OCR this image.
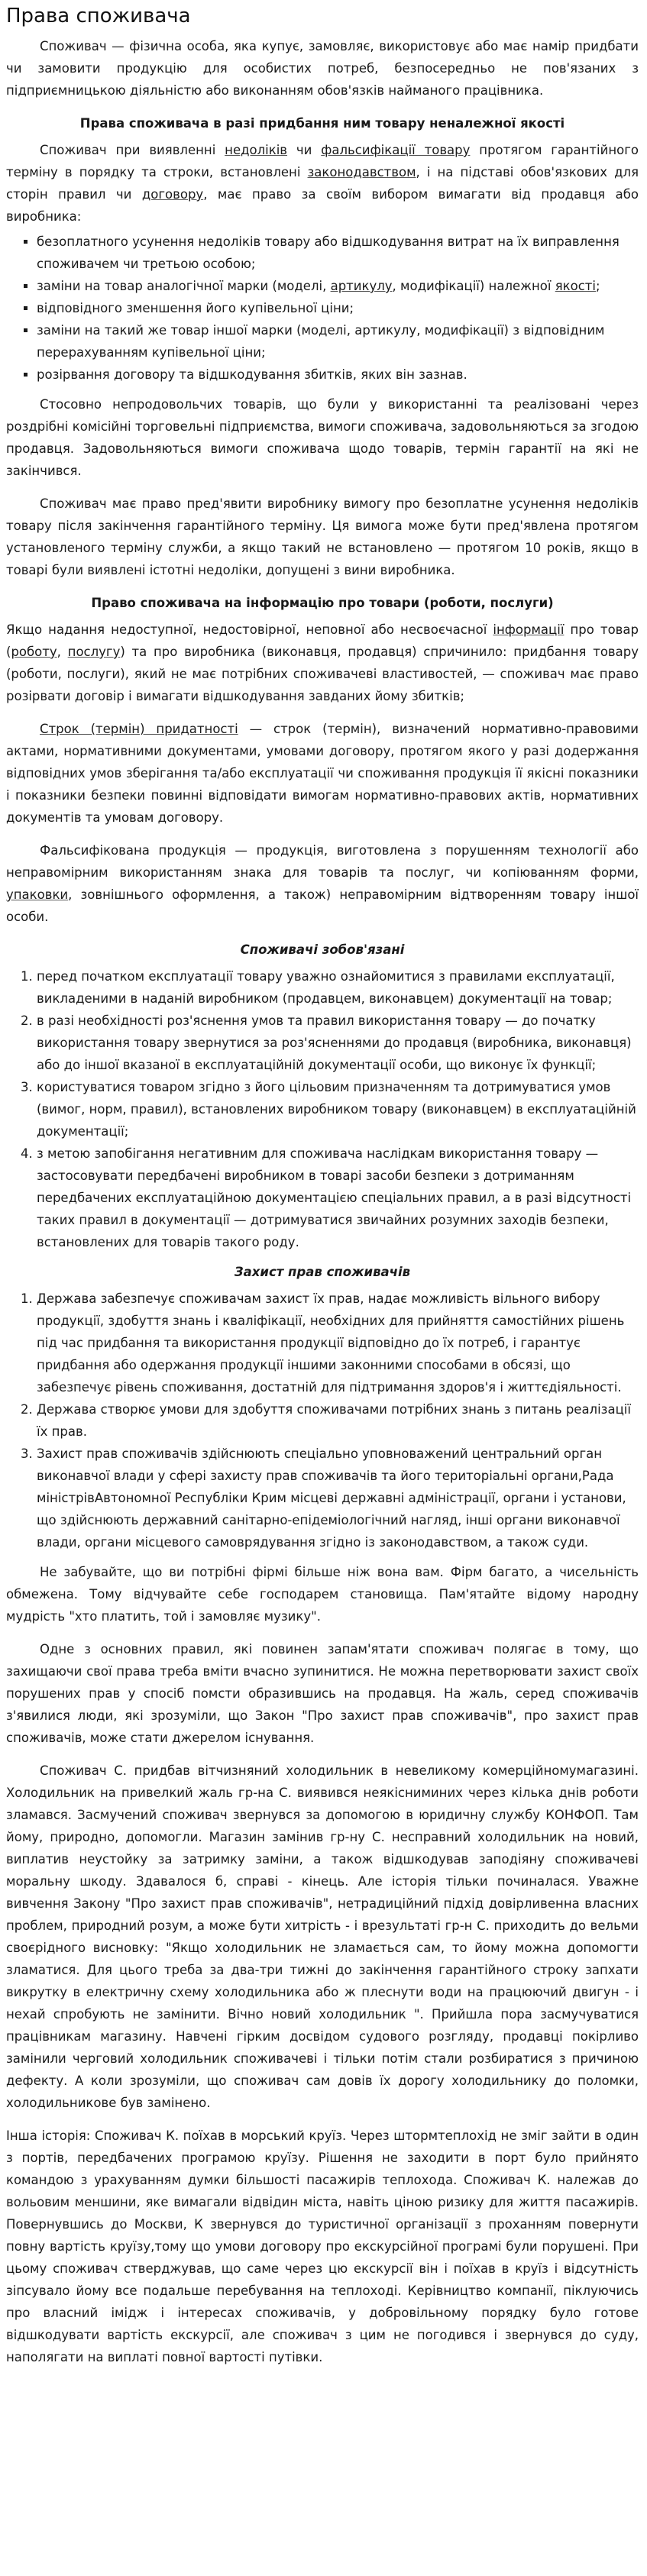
Права споживача

Споживач — фізична особа, яка купує, замовляє, використовує або має намір придбати чи замовити продукцію для особистих потреб, безпосередньо не пов'язаних з підприємницькою діяльністю або виконанням обов'язків найманого працівника.

Права споживача в разі придбання ним товару неналежної якості

Споживач при виявленні недоліків чи фальсифікації товару протягом гарантійного терміну в порядку та строки, встановлені законодавством, і на підставі обов'язкових для сторін правил чи договору, має право за своїм вибором вимагати від продавця або виробника:

▪ безоплатного усунення недоліків товару або відшкодування витрат на їх виправлення споживачем чи третьою особою;
▪ заміни на товар аналогічної марки (моделі, артикулу, модифікації) належної якості;
▪ відповідного зменшення його купівельної ціни;
▪ заміни на такий же товар іншої марки (моделі, артикулу, модифікації) з відповідним перерахуванням купівельної ціни;
▪ розірвання договору та відшкодування збитків, яких він зазнав.

Стосовно непродовольчих товарів, що були у використанні та реалізовані через роздрібні комісійні торговельні підприємства, вимоги споживача, задовольняються за згодою продавця. Задовольняються вимоги споживача щодо товарів, термін гарантії на які не закінчився.

Споживач має право пред'явити виробнику вимогу про безоплатне усунення недоліків товару після закінчення гарантійного терміну. Ця вимога може бути пред'явлена протягом установленого терміну служби, а якщо такий не встановлено — протягом 10 років, якщо в товарі були виявлені істотні недоліки, допущені з вини виробника.

Право споживача на інформацію про товари (роботи, послуги)

Якщо надання недоступної, недостовірної, неповної або несвоєчасної інформації про товар (роботу, послугу) та про виробника (виконавця, продавця) спричинило: придбання товару (роботи, послуги), який не має потрібних споживачеві властивостей, — споживач має право розірвати договір і вимагати відшкодування завданих йому збитків;

Строк (термін) придатності — строк (термін), визначений нормативно-правовими актами, нормативними документами, умовами договору, протягом якого у разі додержання відповідних умов зберігання та/або експлуатації чи споживання продукція її якісні показники і показники безпеки повинні відповідати вимогам нормативно-правових актів, нормативних документів та умовам договору.

Фальсифікована продукція — продукція, виготовлена з порушенням технології або неправомірним використанням знака для товарів та послуг, чи копіюванням форми, упаковки, зовнішнього оформлення, а також) неправомірним відтворенням товару іншої особи.

Споживачі зобов'язані

1. перед початком експлуатації товару уважно ознайомитися з правилами експлуатації, викладеними в наданій виробником (продавцем, виконавцем) документації на товар;
2. в разі необхідності роз'яснення умов та правил використання товару — до початку використання товару звернутися за роз'ясненнями до продавця (виробника, виконавця) або до іншої вказаної в експлуатаційній документації особи, що виконує їх функції;
3. користуватися товаром згідно з його цільовим призначенням та дотримуватися умов (вимог, норм, правил), встановлених виробником товару (виконавцем) в експлуатаційній документації;
4. з метою запобігання негативним для споживача наслідкам використання товару — застосовувати передбачені виробником в товарі засоби безпеки з дотриманням передбачених експлуатаційною документацією спеціальних правил, а в разі відсутності таких правил в документації — дотримуватися звичайних розумних заходів безпеки, встановлених для товарів такого роду.

Захист прав споживачів

1. Держава забезпечує споживачам захист їх прав, надає можливість вільного вибору продукції, здобуття знань і кваліфікації, необхідних для прийняття самостійних рішень під час придбання та використання продукції відповідно до їх потреб, і гарантує придбання або одержання продукції іншими законними способами в обсязі, що забезпечує рівень споживання, достатній для підтримання здоров'я і життєдіяльності.
2. Держава створює умови для здобуття споживачами потрібних знань з питань реалізації їх прав.
3. Захист прав споживачів здійснюють спеціально уповноважений центральний орган виконавчої влади у сфері захисту прав споживачів та його територіальні органи,Рада міністрівАвтономної Республіки Крим місцеві державні адміністрації, органи і установи, що здійснюють державний санітарно-епідеміологічний нагляд, інші органи виконавчої влади, органи місцевого самоврядування згідно із законодавством, а також суди.

Не забувайте, що ви потрібні фірмі більше ніж вона вам. Фірм багато, а чисельність обмежена. Тому відчувайте себе господарем становища. Пам'ятайте відому народну мудрість "хто платить, той і замовляє музику".

Одне з основних правил, які повинен запам'ятати споживач полягає в тому, що захищаючи свої права треба вміти вчасно зупинитися. Не можна перетворювати захист своїх порушених прав у спосіб помсти образившись на продавця. На жаль, серед споживачів з'явилися люди, які зрозуміли, що Закон "Про захист прав споживачів", про захист прав споживачів, може стати джерелом існування.

Споживач С. придбав вітчизняний холодильник в невеликому комерційномумагазині. Холодильник на привелкий жаль гр-на С. виявився неякісниминих через кілька днів роботи зламався. Засмучений споживач звернувся за допомогою в юридичну службу КОНФОП. Там йому, природно, допомогли. Магазин замінив гр-ну С. несправний холодильник на новий, виплатив неустойку за затримку заміни, а також відшкодував заподіяну споживачеві моральну шкоду. Здавалося б, справі - кінець. Але історія тільки починалася. Уважне вивчення Закону "Про захист прав споживачів", нетрадиційний підхід довірливенна власних проблем, природний розум, а може бути хитрість - і врезультаті гр-н С. приходить до вельми своєрідного висновку: "Якщо холодильник не зламається сам, то йому можна допомогти зламатися. Для цього треба за два-три тижні до закінчення гарантійного строку запхати викрутку в електричну схему холодильника або ж плеснути води на працюючий двигун - і нехай спробують не замінити. Вічно новий холодильник ". Прийшла пора засмучуватися працівникам магазину. Навчені гірким досвідом судового розгляду, продавці покірливо замінили черговий холодильник споживачеві і тільки потім стали розбиратися з причиною дефекту. А коли зрозуміли, що споживач сам довів їх дорогу холодильнику до поломки, холодильникове був замінено.

Інша історія: Споживач К. поїхав в морський круїз. Через штормтеплохід не зміг зайти в один з портів, передбачених програмою круїзу. Рішення не заходити в порт було прийнято командою з урахуванням думки більшості пасажирів теплохода. Споживач К. належав до вольовим меншини, яке вимагали відвідин міста, навіть ціною ризику для життя пасажирів. Повернувшись до Москви, К звернувся до туристичної організації з проханням повернути повну вартість круїзу,тому що умови договору про екскурсійної програмі були порушені. При цьому споживач стверджував, що саме через цю екскурсії він і поїхав в круїз і відсутність зіпсувало йому все подальше перебування на теплоході. Керівництво компанії, піклуючись про власний імідж і інтересах споживачів, у добровільному порядку було готове відшкодувати вартість екскурсії, але споживач з цим не погодився і звернувся до суду, наполягати на виплаті повної вартості путівки.
